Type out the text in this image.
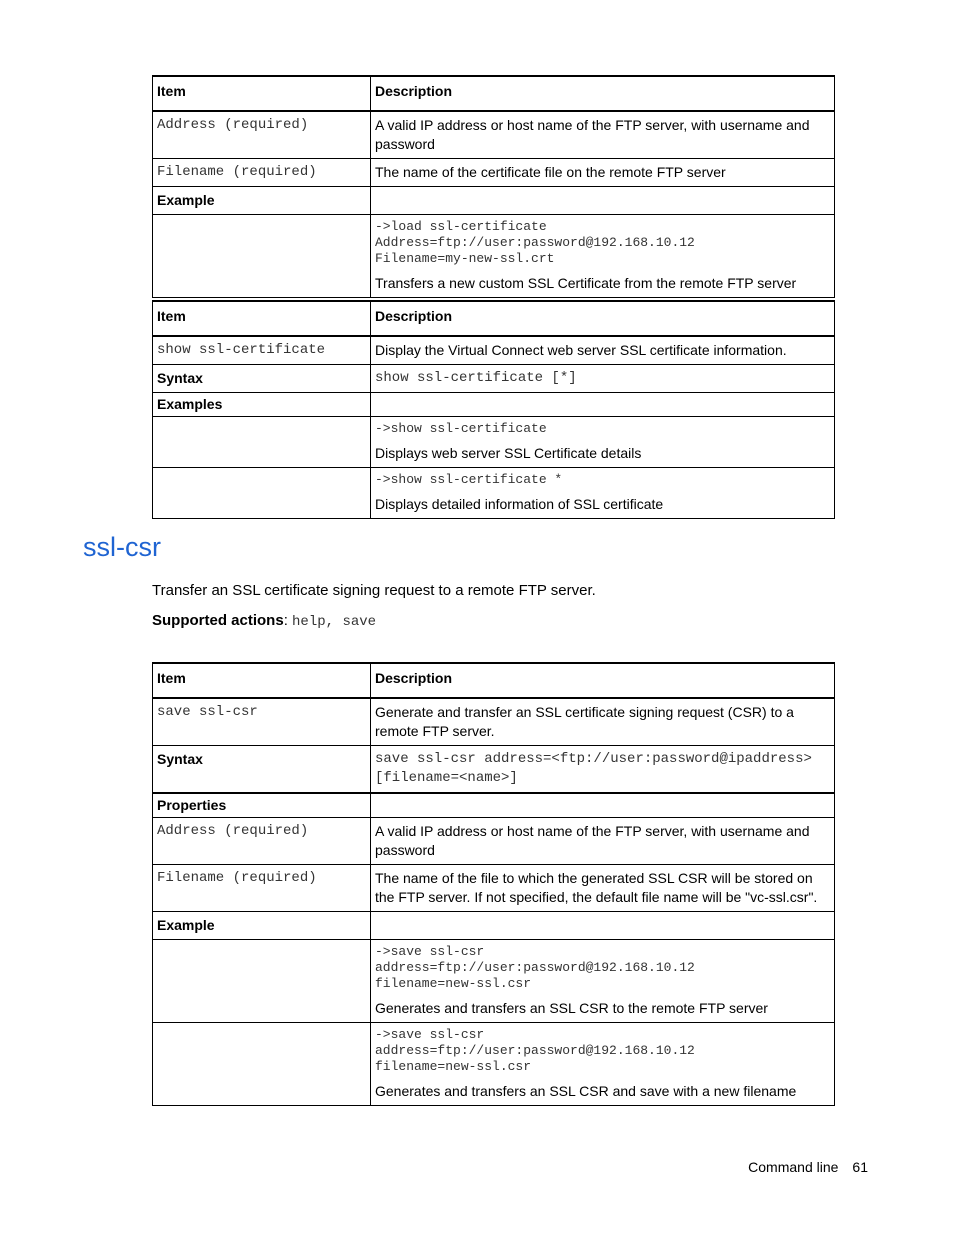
Item	Description
Address (required)	A valid IP address or host name of the FTP server, with username and password
Filename (required)	The name of the certificate file on the remote FTP server
Example	

	->load ssl-certificate
Address=ftp://user:password@192.168.10.12
Filename=my-new-ssl.crt
Transfers a new custom SSL Certificate from the remote FTP server
Item	Description
show ssl-certificate	Display the Virtual Connect web server SSL certificate information.
Syntax	show ssl-certificate [*]
Examples	

	->show ssl-certificate
Displays web server SSL Certificate details

	->show ssl-certificate *
Displays detailed information of SSL certificate
ssl-csr

Transfer an SSL certificate signing request to a remote FTP server.

Supported actions: help, save

Item	Description
save ssl-csr	Generate and transfer an SSL certificate signing request (CSR) to a remote FTP server.
Syntax	save ssl-csr address=<ftp://user:password@ipaddress> [filename=<name>]
Properties	
Address (required)	A valid IP address or host name of the FTP server, with username and password
Filename (required)	The name of the file to which the generated SSL CSR will be stored on the FTP server. If not specified, the default file name will be "vc-ssl.csr".
Example	

	->save ssl-csr
address=ftp://user:password@192.168.10.12
filename=new-ssl.csr
Generates and transfers an SSL CSR to the remote FTP server

	->save ssl-csr
address=ftp://user:password@192.168.10.12
filename=new-ssl.csr
Generates and transfers an SSL CSR and save with a new filename
Command line 61
